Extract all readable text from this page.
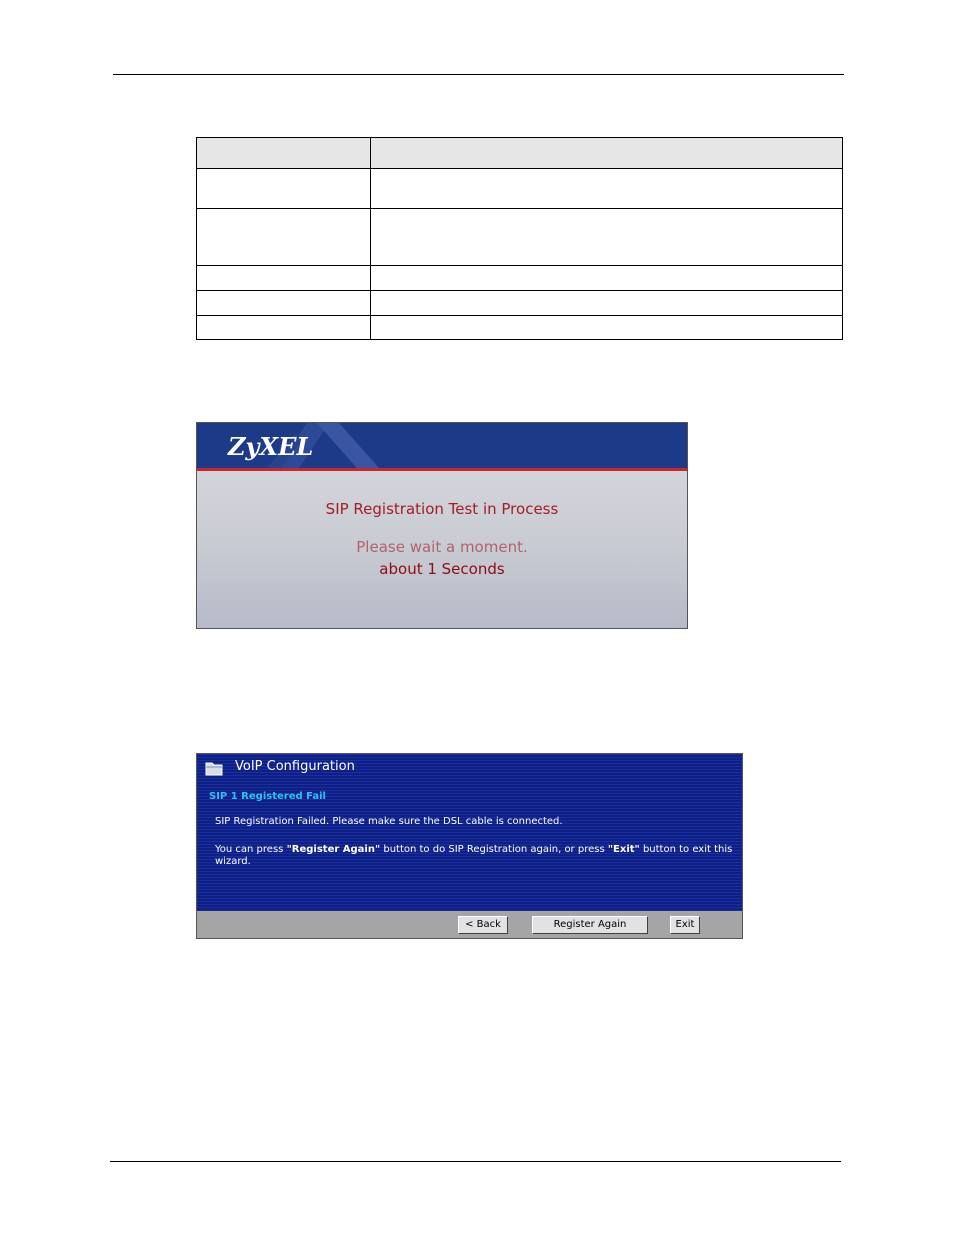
ZyXEL
SIP Registration Test in Process
Please wait a moment.
about 1 Seconds
VoIP Configuration
SIP 1 Registered Fail
SIP Registration Failed. Please make sure the DSL cable is connected.
You can press "Register Again" button to do SIP Registration again, or press "Exit" button to exit this wizard.
< Back	Register Again	Exit
